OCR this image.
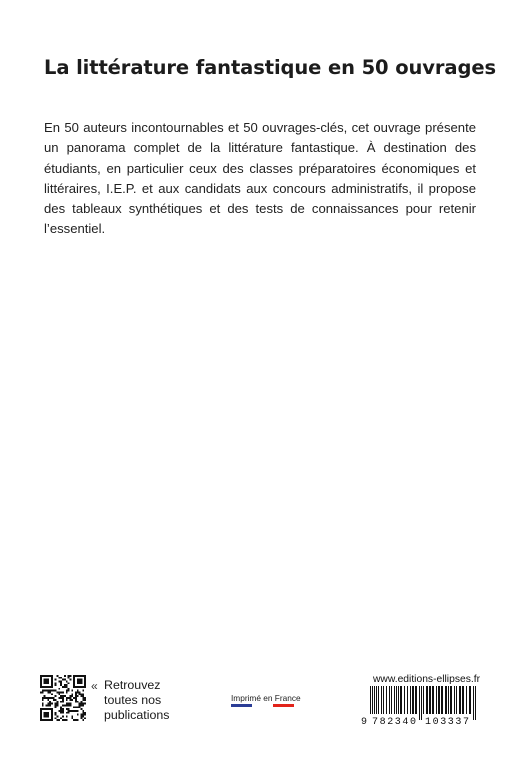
La littérature fantastique en 50 ouvrages
En 50 auteurs incontournables et 50 ouvrages-clés, cet ouvrage présente
un panorama complet de la littérature fantastique. À destination des
étudiants, en particulier ceux des classes préparatoires économiques et
littéraires, I.E.P. et aux candidats aux concours administratifs, il propose
des tableaux synthétiques et des tests de connaissances pour retenir
l’essentiel.
« Retrouvez
toutes nos
publications
Imprimé en France
www.editions-ellipses.fr
9 782340 103337
